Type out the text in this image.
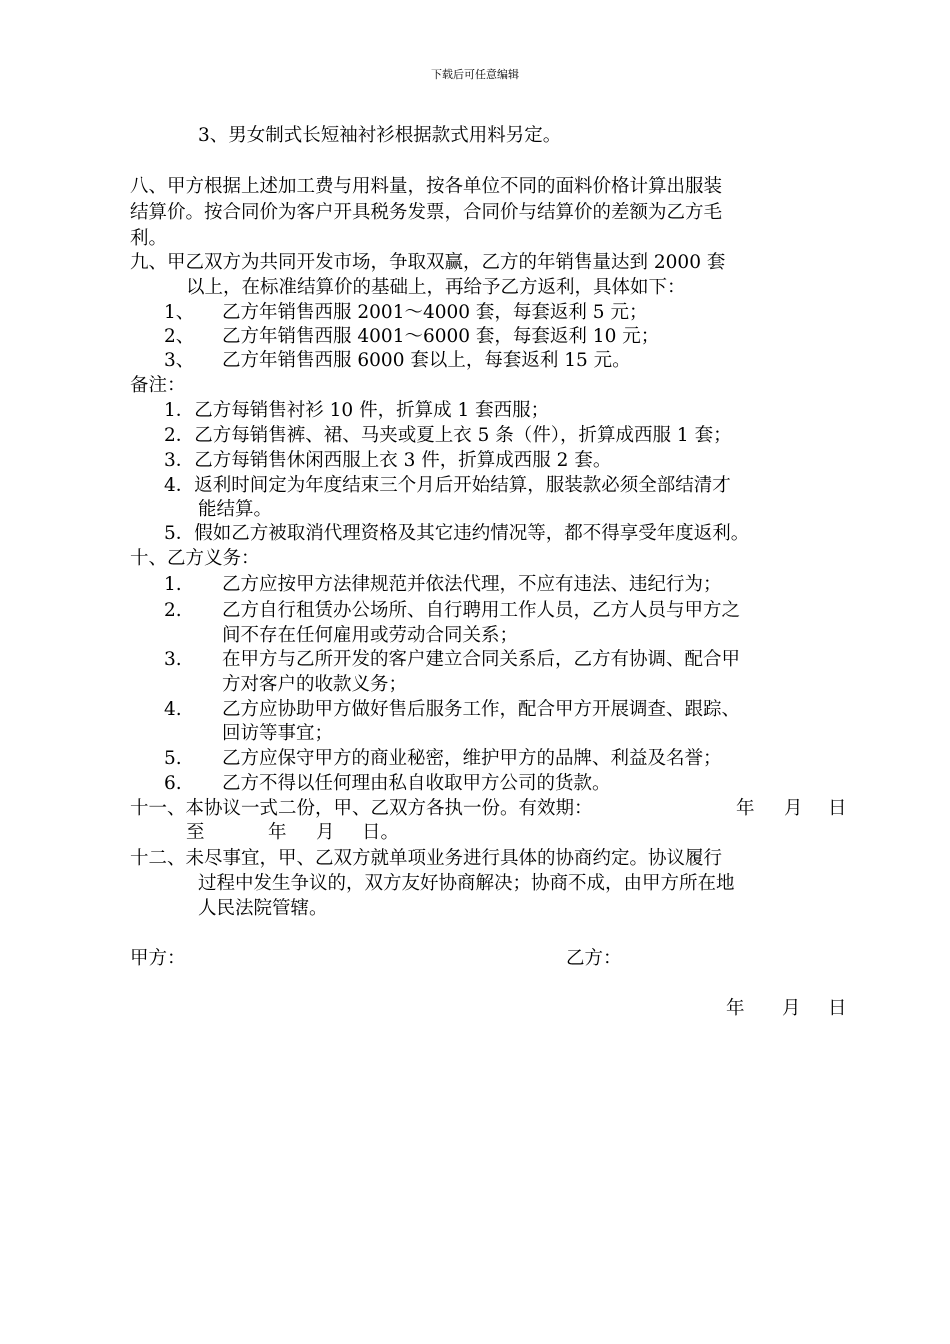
下载后可任意编辑
3、男女制式长短袖衬衫根据款式用料另定。
八、甲方根据上述加工费与用料量，按各单位不同的面料价格计算出服装
结算价。按合同价为客户开具税务发票，合同价与结算价的差额为乙方毛
利。
九、甲乙双方为共同开发市场，争取双赢，乙方的年销售量达到 2000 套
以上，在标准结算价的基础上，再给予乙方返利，具体如下：
1、 乙方年销售西服 2001～4000 套，每套返利 5 元；
2、 乙方年销售西服 4001～6000 套，每套返利 10 元；
3、 乙方年销售西服 6000 套以上，每套返利 15 元。
备注：
1．乙方每销售衬衫 10 件，折算成 1 套西服；
2．乙方每销售裤、裙、马夹或夏上衣 5 条（件），折算成西服 1 套；
3．乙方每销售休闲西服上衣 3 件，折算成西服 2 套。
4．返利时间定为年度结束三个月后开始结算，服装款必须全部结清才
能结算。
5．假如乙方被取消代理资格及其它违约情况等，都不得享受年度返利。
十、乙方义务：
1. 乙方应按甲方法律规范并依法代理，不应有违法、违纪行为；
2. 乙方自行租赁办公场所、自行聘用工作人员，乙方人员与甲方之
间不存在任何雇用或劳动合同关系；
3. 在甲方与乙所开发的客户建立合同关系后，乙方有协调、配合甲
方对客户的收款义务；
4. 乙方应协助甲方做好售后服务工作，配合甲方开展调查、跟踪、
回访等事宜；
5. 乙方应保守甲方的商业秘密，维护甲方的品牌、利益及名誉；
6. 乙方不得以任何理由私自收取甲方公司的货款。
十一、本协议一式二份，甲、乙双方各执一份。有效期：	年 月 日
至	年 月 日。
十二、未尽事宜，甲、乙双方就单项业务进行具体的协商约定。协议履行
过程中发生争议的，双方友好协商解决；协商不成，由甲方所在地
人民法院管辖。
甲方：	乙方：
年 月 日
